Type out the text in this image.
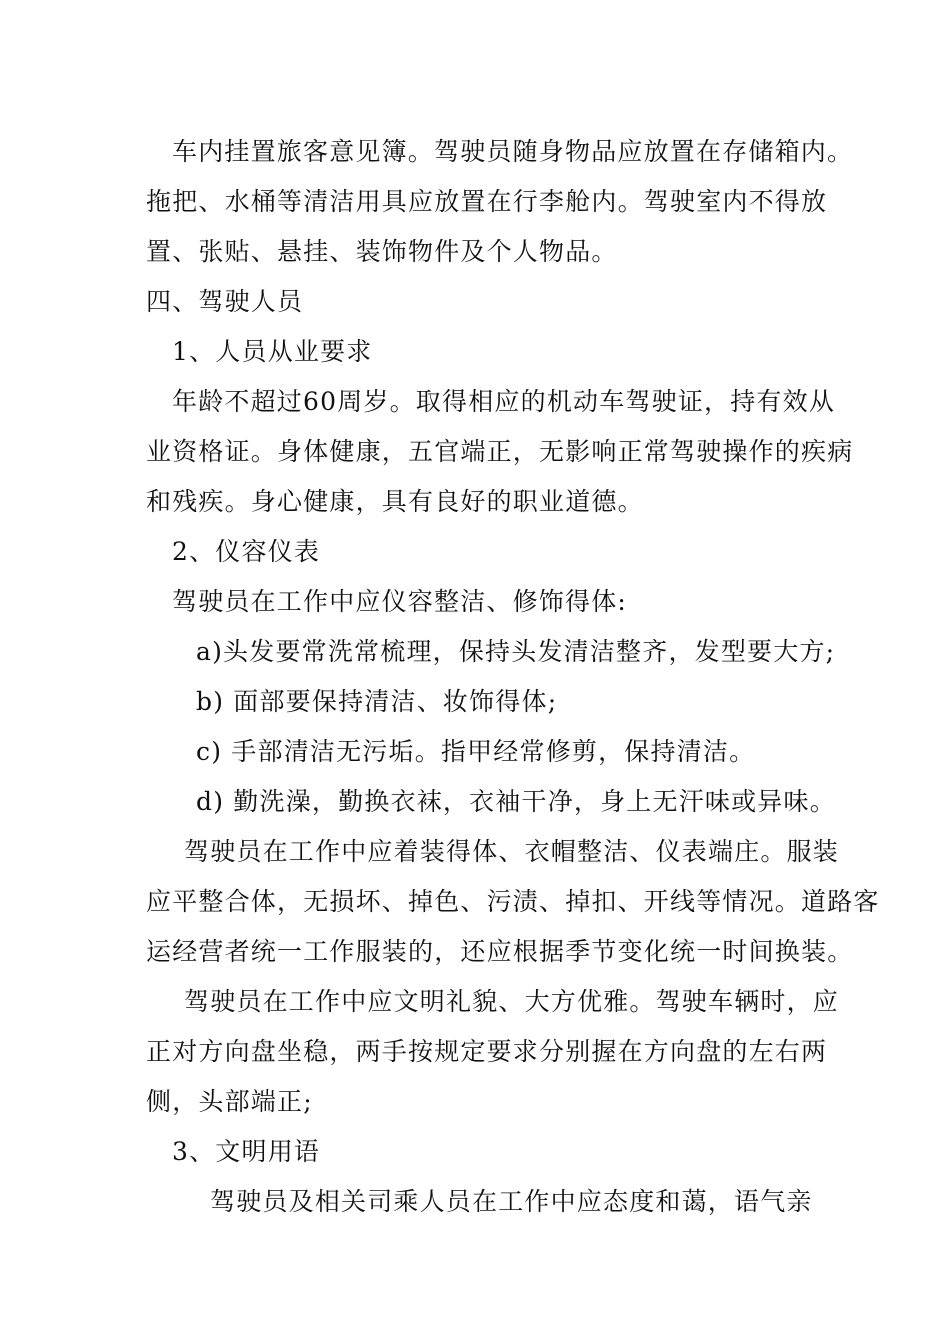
车内挂置旅客意见簿。驾驶员随身物品应放置在存储箱内。
拖把、水桶等清洁用具应放置在行李舱内。驾驶室内不得放
置、张贴、悬挂、装饰物件及个人物品。
四、驾驶人员
1、人员从业要求
年龄不超过60周岁。取得相应的机动车驾驶证，持有效从
业资格证。身体健康，五官端正，无影响正常驾驶操作的疾病
和残疾。身心健康，具有良好的职业道德。
2、仪容仪表
驾驶员在工作中应仪容整洁、修饰得体:
a)头发要常洗常梳理，保持头发清洁整齐，发型要大方;
b) 面部要保持清洁、妆饰得体;
c) 手部清洁无污垢。指甲经常修剪，保持清洁。
d) 勤洗澡，勤换衣袜，衣袖干净，身上无汗味或异味。
驾驶员在工作中应着装得体、衣帽整洁、仪表端庄。服装
应平整合体，无损坏、掉色、污渍、掉扣、开线等情况。道路客
运经营者统一工作服装的，还应根据季节变化统一时间换装。
驾驶员在工作中应文明礼貌、大方优雅。驾驶车辆时，应
正对方向盘坐稳，两手按规定要求分别握在方向盘的左右两
侧，头部端正;
3、文明用语
驾驶员及相关司乘人员在工作中应态度和蔼，语气亲
